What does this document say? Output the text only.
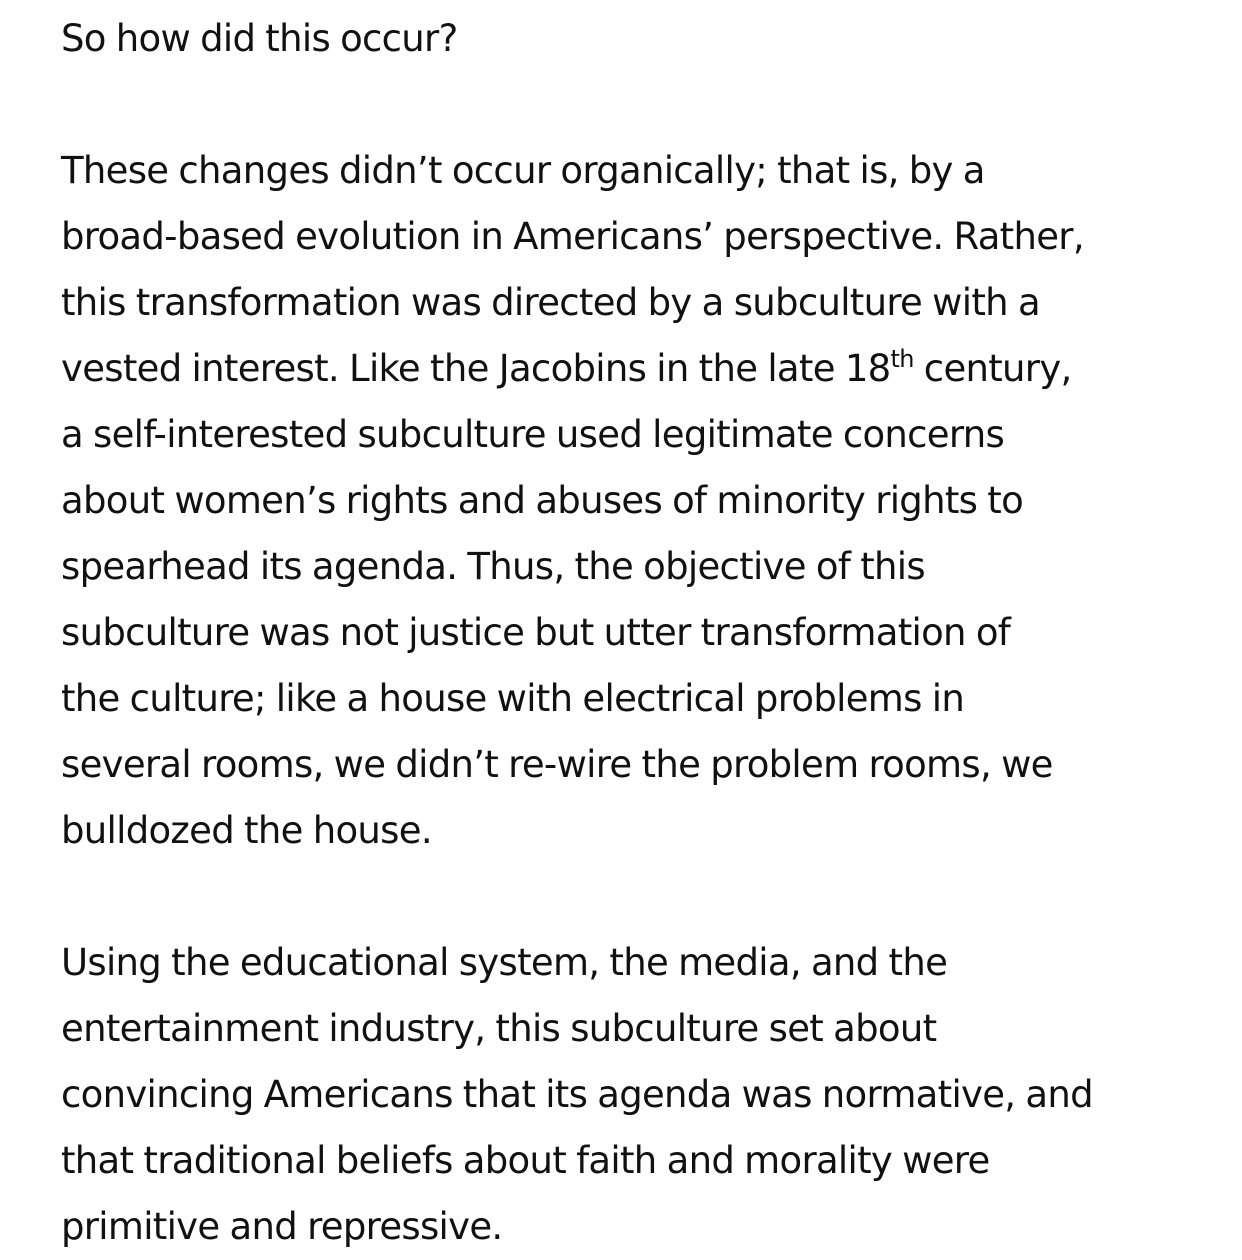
So how did this occur?
These changes didn’t occur organically; that is, by a
broad-based evolution in Americans’ perspective. Rather,
this transformation was directed by a subculture with a
vested interest. Like the Jacobins in the late 18th century,
a self-interested subculture used legitimate concerns
about women’s rights and abuses of minority rights to
spearhead its agenda. Thus, the objective of this
subculture was not justice but utter transformation of
the culture; like a house with electrical problems in
several rooms, we didn’t re-wire the problem rooms, we
bulldozed the house.
Using the educational system, the media, and the
entertainment industry, this subculture set about
convincing Americans that its agenda was normative, and
that traditional beliefs about faith and morality were
primitive and repressive.
